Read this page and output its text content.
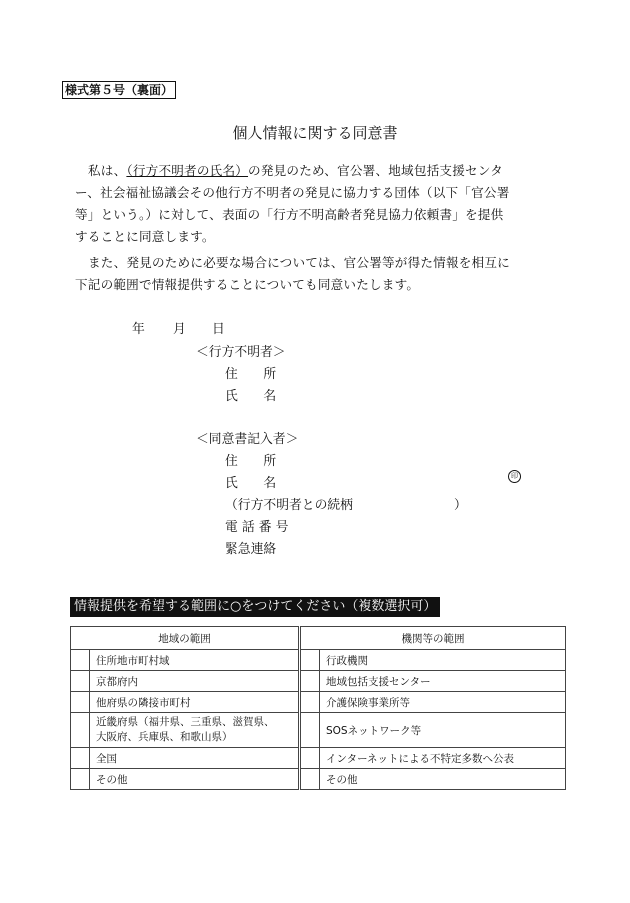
様式第５号（裏面）
個人情報に関する同意書
私は、（行方不明者の氏名）の発見のため、官公署、地域包括支援センタ
ー、社会福祉協議会その他行方不明者の発見に協力する団体（以下「官公署
等」という。）に対して、表面の「行方不明高齢者発見協力依頼書」を提供
することに同意します。
また、発見のために必要な場合については、官公署等が得た情報を相互に
下記の範囲で情報提供することについても同意いたします。
年 月 日
＜行方不明者＞
住　　所
氏　　名
＜同意書記入者＞
住　　所
氏　　名	印
（行方不明者との続柄	）
電 話 番 号
緊急連絡
情報提供を希望する範囲に○をつけてください（複数選択可）
地域の範囲			機関等の範囲	
	住所地市町村域			行政機関
	京都府内			地域包括支援センター
	他府県の隣接市町村			介護保険事業所等
	近畿府県（福井県、三重県、滋賀県、
大阪府、兵庫県、和歌山県）			SOSネットワーク等
	全国			インターネットによる不特定多数へ公表
	その他			その他
